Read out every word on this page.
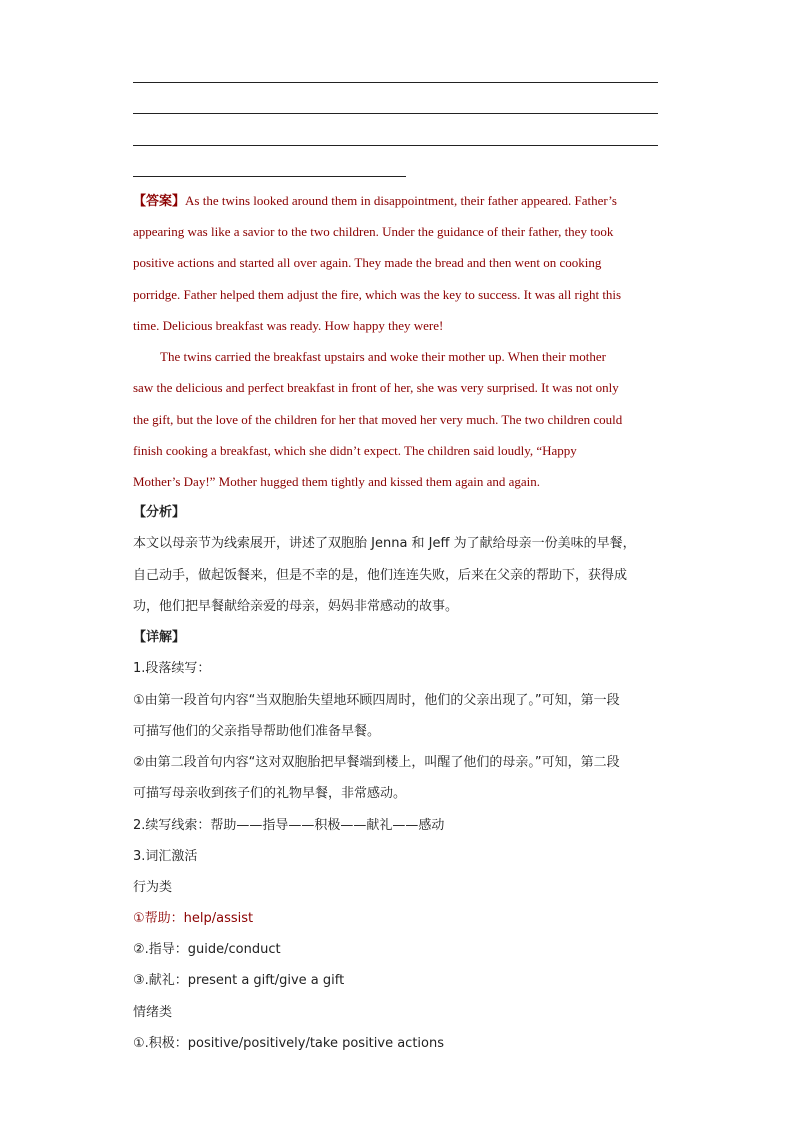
【答案】As the twins looked around them in disappointment, their father appeared. Father’s
appearing was like a savior to the two children. Under the guidance of their father, they took
positive actions and started all over again. They made the bread and then went on cooking
porridge. Father helped them adjust the fire, which was the key to success. It was all right this
time. Delicious breakfast was ready. How happy they were!
The twins carried the breakfast upstairs and woke their mother up. When their mother
saw the delicious and perfect breakfast in front of her, she was very surprised. It was not only
the gift, but the love of the children for her that moved her very much. The two children could
finish cooking a breakfast, which she didn’t expect. The children said loudly, “Happy
Mother’s Day!” Mother hugged them tightly and kissed them again and again.
【分析】
本文以母亲节为线索展开，讲述了双胞胎 Jenna 和 Jeff 为了献给母亲一份美味的早餐，
自己动手，做起饭餐来，但是不幸的是，他们连连失败，后来在父亲的帮助下，获得成
功，他们把早餐献给亲爱的母亲，妈妈非常感动的故事。
【详解】
1.段落续写：
①由第一段首句内容“当双胞胎失望地环顾四周时，他们的父亲出现了。”可知，第一段
可描写他们的父亲指导帮助他们准备早餐。
②由第二段首句内容“这对双胞胎把早餐端到楼上，叫醒了他们的母亲。”可知，第二段
可描写母亲收到孩子们的礼物早餐，非常感动。
2.续写线索：帮助——指导——积极——献礼——感动
3.词汇激活
行为类
①帮助：help/assist
②.指导：guide/conduct
③.献礼：present a gift/give a gift
情绪类
①.积极：positive/positively/take positive actions
